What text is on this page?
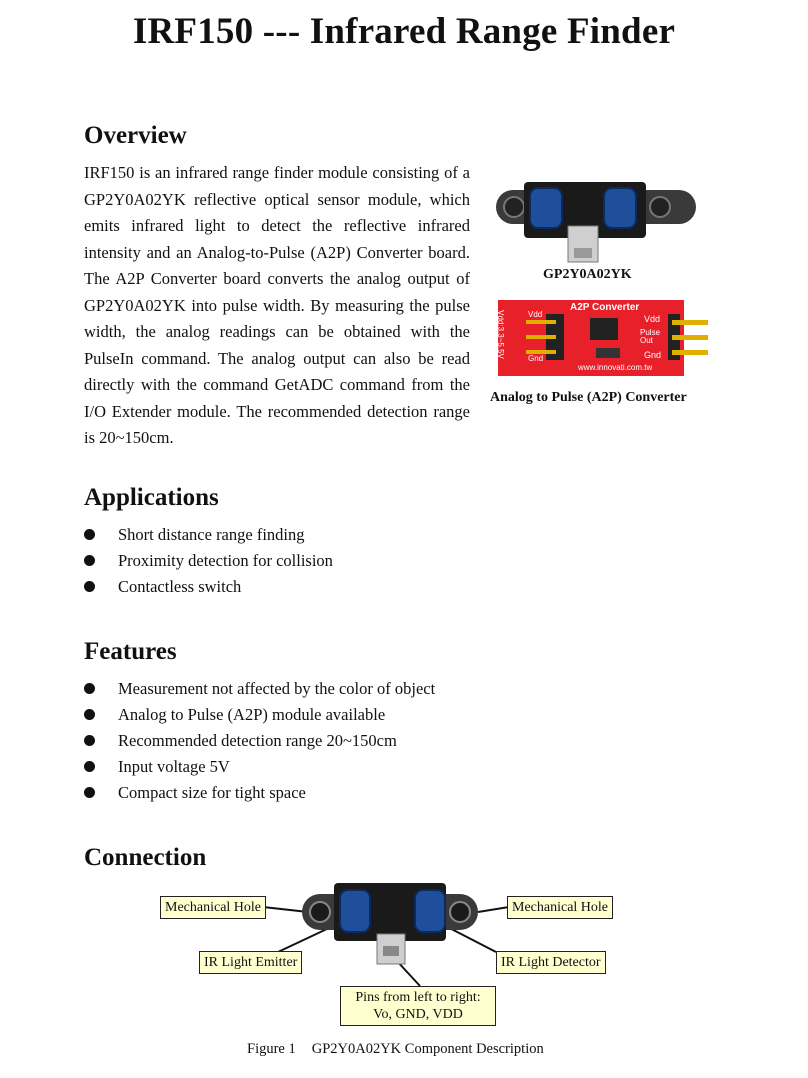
IRF150 --- Infrared Range Finder
Overview

IRF150 is an infrared range finder module consisting of a GP2Y0A02YK reflective optical sensor module, which emits infrared light to detect the reflective infrared intensity and an Analog-to-Pulse (A2P) Converter board. The A2P Converter board converts the analog output of GP2Y0A02YK into pulse width. By measuring the pulse width, the analog readings can be obtained with the PulseIn command. The analog output can also be read directly with the command GetADC command from the I/O Extender module. The recommended detection range is 20~150cm.

GP2Y0A02YK
A2P Converter
Vdd
Pulse Out
Gnd
Vdd
Gnd
Vdd:3.3~5.5V
www.innovati.com.tw
Analog to Pulse (A2P) Converter
Applications
Short distance range finding
Proximity detection for collision
Contactless switch
Features
Measurement not affected by the color of object
Analog to Pulse (A2P) module available
Recommended detection range 20~150cm
Input voltage 5V
Compact size for tight space
Connection
Mechanical Hole	Mechanical Hole
IR Light Emitter	IR Light Detector
Pins from left to right:
Vo, GND, VDD
Figure 1 GP2Y0A02YK Component Description
